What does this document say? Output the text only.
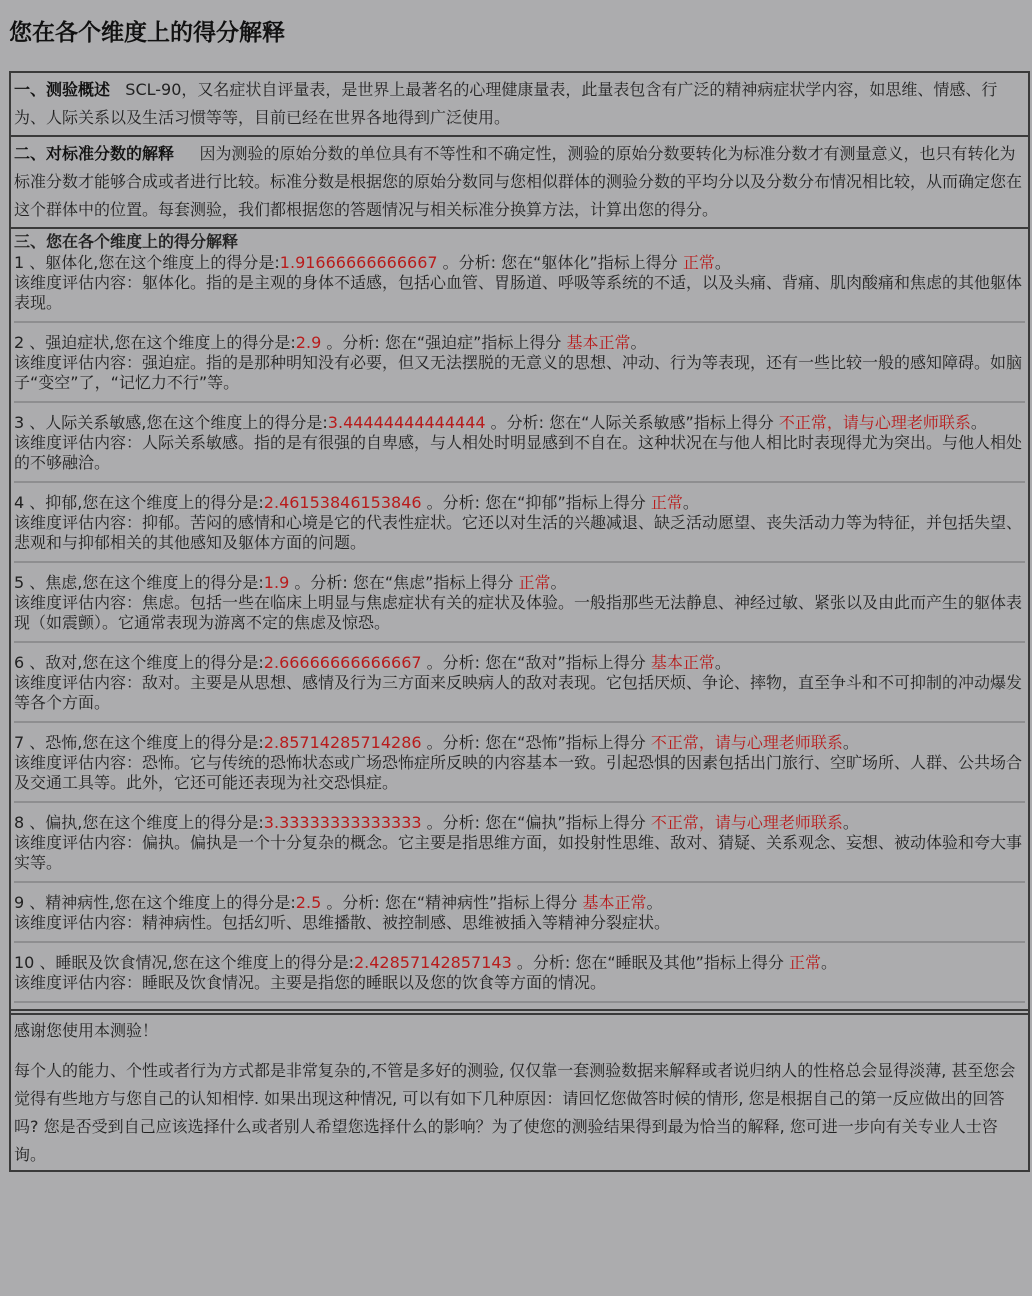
您在各个维度上的得分解释
一、测验概述 SCL-90，又名症状自评量表，是世界上最著名的心理健康量表，此量表包含有广泛的精神病症状学内容，如思维、情感、行为、人际关系以及生活习惯等等，目前已经在世界各地得到广泛使用。
二、对标准分数的解释 因为测验的原始分数的单位具有不等性和不确定性，测验的原始分数要转化为标准分数才有测量意义，也只有转化为标准分数才能够合成或者进行比较。标准分数是根据您的原始分数同与您相似群体的测验分数的平均分以及分数分布情况相比较，从而确定您在这个群体中的位置。每套测验，我们都根据您的答题情况与相关标准分换算方法，计算出您的得分。
三、您在各个维度上的得分解释
1 、躯体化,您在这个维度上的得分是:1.91666666666667 。分析: 您在“躯体化”指标上得分 正常。
该维度评估内容：躯体化。指的是主观的身体不适感，包括心血管、胃肠道、呼吸等系统的不适，以及头痛、背痛、肌肉酸痛和焦虑的其他躯体表现。
2 、强迫症状,您在这个维度上的得分是:2.9 。分析: 您在“强迫症”指标上得分 基本正常。
该维度评估内容：强迫症。指的是那种明知没有必要，但又无法摆脱的无意义的思想、冲动、行为等表现，还有一些比较一般的感知障碍。如脑子“变空”了，“记忆力不行”等。
3 、人际关系敏感,您在这个维度上的得分是:3.44444444444444 。分析: 您在“人际关系敏感”指标上得分 不正常，请与心理老师联系。
该维度评估内容：人际关系敏感。指的是有很强的自卑感，与人相处时明显感到不自在。这种状况在与他人相比时表现得尤为突出。与他人相处的不够融洽。
4 、抑郁,您在这个维度上的得分是:2.46153846153846 。分析: 您在“抑郁”指标上得分 正常。
该维度评估内容：抑郁。苦闷的感情和心境是它的代表性症状。它还以对生活的兴趣减退、缺乏活动愿望、丧失活动力等为特征，并包括失望、悲观和与抑郁相关的其他感知及躯体方面的问题。
5 、焦虑,您在这个维度上的得分是:1.9 。分析: 您在“焦虑”指标上得分 正常。
该维度评估内容：焦虑。包括一些在临床上明显与焦虑症状有关的症状及体验。一般指那些无法静息、神经过敏、紧张以及由此而产生的躯体表现（如震颤）。它通常表现为游离不定的焦虑及惊恐。
6 、敌对,您在这个维度上的得分是:2.66666666666667 。分析: 您在“敌对”指标上得分 基本正常。
该维度评估内容：敌对。主要是从思想、感情及行为三方面来反映病人的敌对表现。它包括厌烦、争论、摔物，直至争斗和不可抑制的冲动爆发等各个方面。
7 、恐怖,您在这个维度上的得分是:2.85714285714286 。分析: 您在“恐怖”指标上得分 不正常，请与心理老师联系。
该维度评估内容：恐怖。它与传统的恐怖状态或广场恐怖症所反映的内容基本一致。引起恐惧的因素包括出门旅行、空旷场所、人群、公共场合及交通工具等。此外，它还可能还表现为社交恐惧症。
8 、偏执,您在这个维度上的得分是:3.33333333333333 。分析: 您在“偏执”指标上得分 不正常，请与心理老师联系。
该维度评估内容：偏执。偏执是一个十分复杂的概念。它主要是指思维方面，如投射性思维、敌对、猜疑、关系观念、妄想、被动体验和夸大事实等。
9 、精神病性,您在这个维度上的得分是:2.5 。分析: 您在“精神病性”指标上得分 基本正常。
该维度评估内容：精神病性。包括幻听、思维播散、被控制感、思维被插入等精神分裂症状。
10 、睡眠及饮食情况,您在这个维度上的得分是:2.42857142857143 。分析: 您在“睡眠及其他”指标上得分 正常。
该维度评估内容：睡眠及饮食情况。主要是指您的睡眠以及您的饮食等方面的情况。

感谢您使用本测验！

每个人的能力、个性或者行为方式都是非常复杂的,不管是多好的测验, 仅仅靠一套测验数据来解释或者说归纳人的性格总会显得淡薄, 甚至您会觉得有些地方与您自己的认知相悖. 如果出现这种情况, 可以有如下几种原因：请回忆您做答时候的情形, 您是根据自己的第一反应做出的回答吗? 您是否受到自己应该选择什么或者别人希望您选择什么的影响？为了使您的测验结果得到最为恰当的解释, 您可进一步向有关专业人士咨询。
